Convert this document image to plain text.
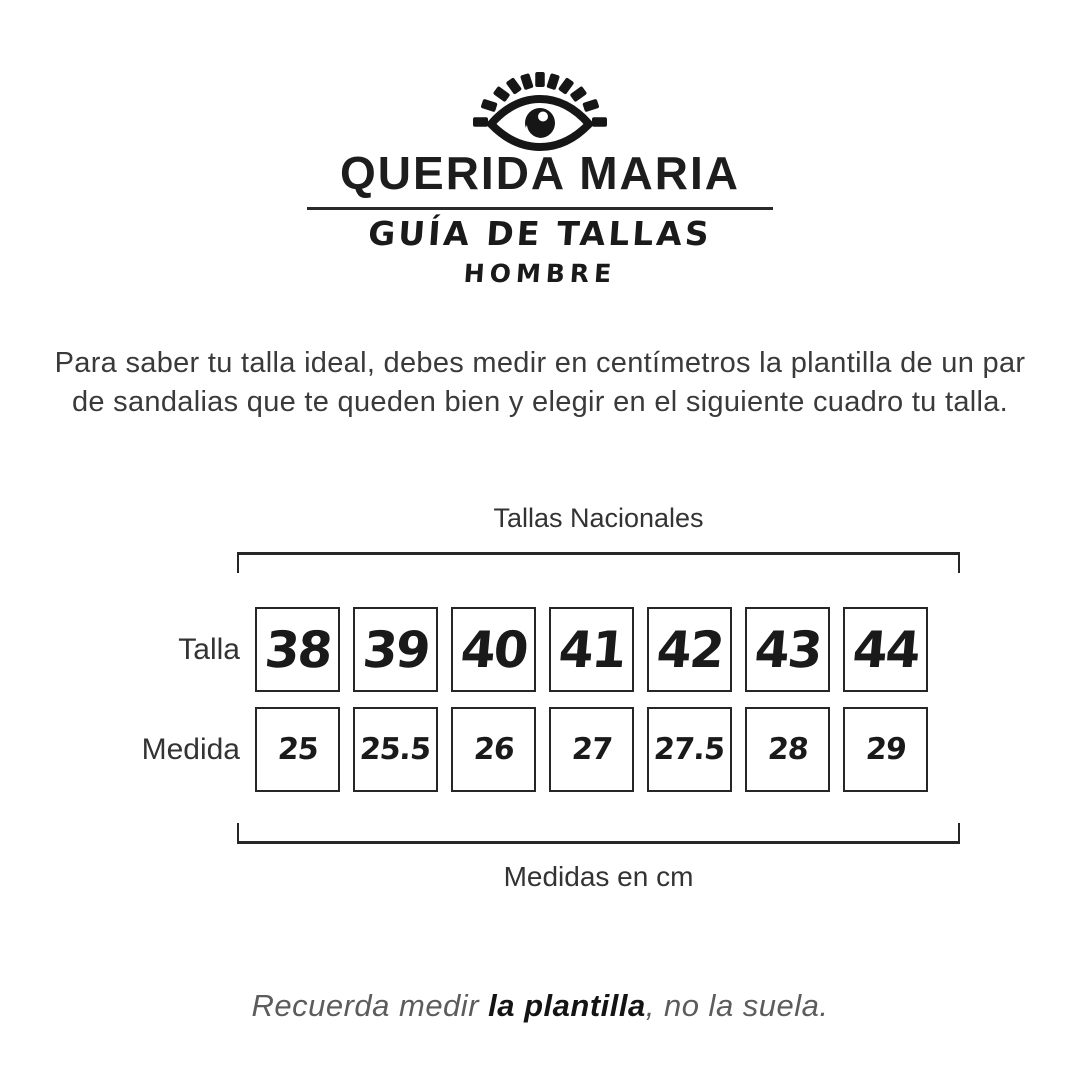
QUERIDA MARIA
GUÍA DE TALLAS
HOMBRE

Para saber tu talla ideal, debes medir en centímetros la plantilla de un par de sandalias que te queden bien y elegir en el siguiente cuadro tu talla.

Tallas Nacionales
Talla 38 39 40 41 42 43 44
Medida 25 25.5 26 27 27.5 28 29
Medidas en cm

Recuerda medir la plantilla, no la suela.
